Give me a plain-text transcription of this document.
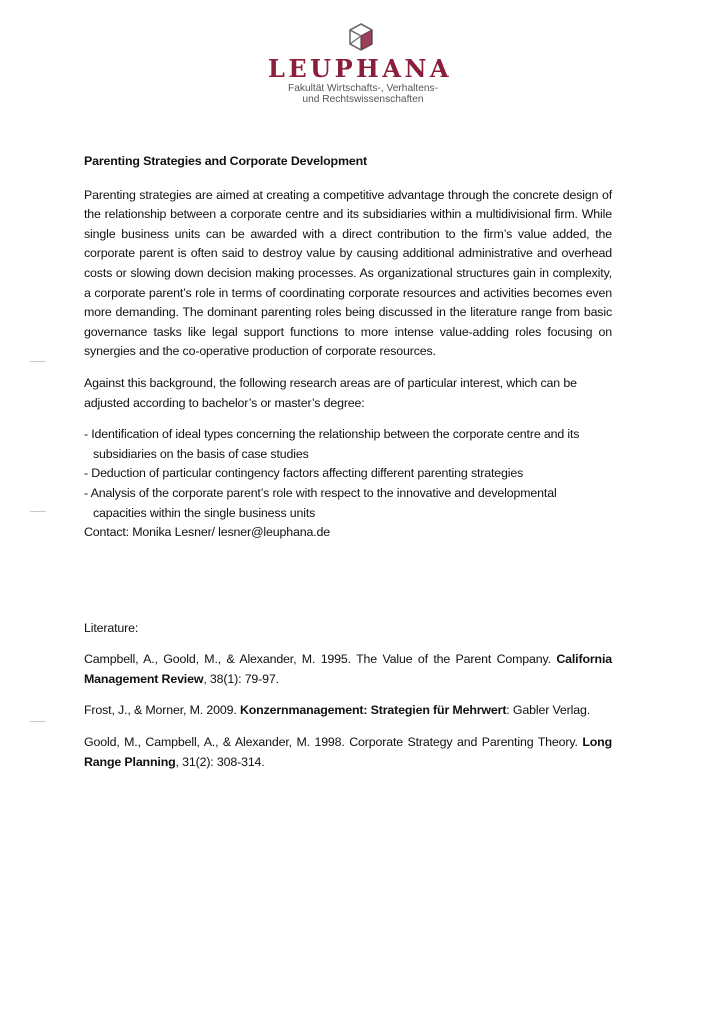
LEUPHANA
Fakultät Wirtschafts-, Verhaltens-
und Rechtswissenschaften

Parenting Strategies and Corporate Development

Parenting strategies are aimed at creating a competitive advantage through the concrete design of the relationship between a corporate centre and its subsidiaries within a multidivisional firm. While single business units can be awarded with a direct contribution to the firm’s value added, the corporate parent is often said to destroy value by causing additional administrative and overhead costs or slowing down decision making processes. As organizational structures gain in complexity, a corporate parent’s role in terms of coordinating corporate resources and activities becomes even more demanding. The dominant parenting roles being discussed in the literature range from basic governance tasks like legal support functions to more intense value-adding roles focusing on synergies and the co-operative production of corporate resources.

Against this background, the following research areas are of particular interest, which can be adjusted according to bachelor’s or master’s degree:

- Identification of ideal types concerning the relationship between the corporate centre and its subsidiaries on the basis of case studies

- Deduction of particular contingency factors affecting different parenting strategies

- Analysis of the corporate parent’s role with respect to the innovative and developmental capacities within the single business units

Contact: Monika Lesner/ lesner@leuphana.de

Literature:

Campbell, A., Goold, M., & Alexander, M. 1995. The Value of the Parent Company. California Management Review, 38(1): 79-97.

Frost, J., & Morner, M. 2009. Konzernmanagement: Strategien für Mehrwert: Gabler Verlag.

Goold, M., Campbell, A., & Alexander, M. 1998. Corporate Strategy and Parenting Theory. Long Range Planning, 31(2): 308-314.
